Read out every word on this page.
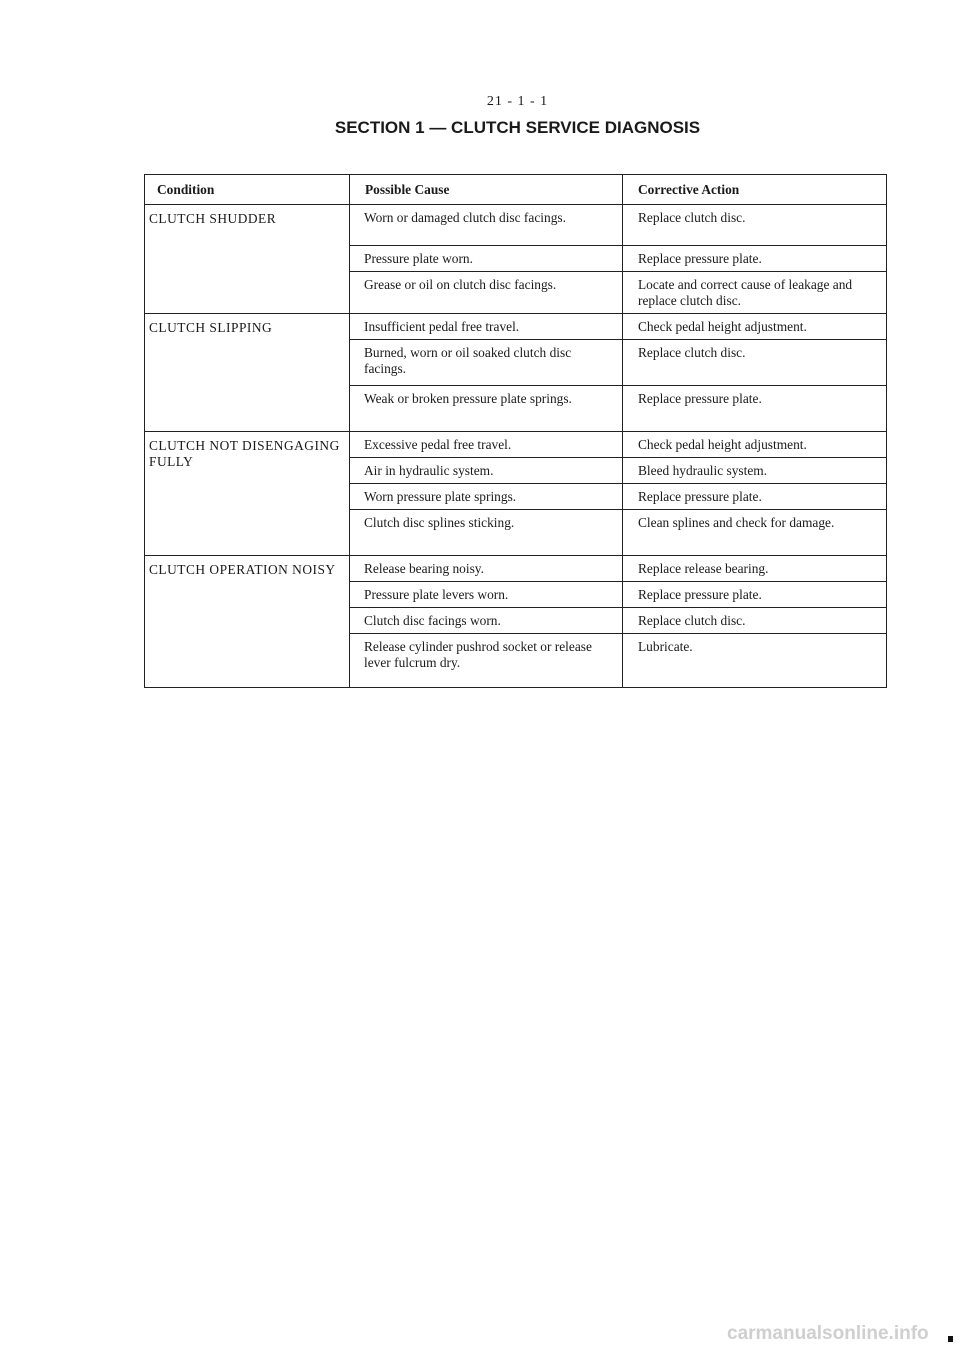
21 - 1 - 1
SECTION 1 — CLUTCH SERVICE DIAGNOSIS
Condition	Possible Cause	Corrective Action
CLUTCH SHUDDER	Worn or damaged clutch disc facings.	Replace clutch disc.
	Pressure plate worn.	Replace pressure plate.
	Grease or oil on clutch disc facings.	Locate and correct cause of leakage and replace clutch disc.
CLUTCH SLIPPING	Insufficient pedal free travel.	Check pedal height adjustment.
	Burned, worn or oil soaked clutch disc facings.	Replace clutch disc.
	Weak or broken pressure plate springs.	Replace pressure plate.
CLUTCH NOT DISENGAGING FULLY	Excessive pedal free travel.	Check pedal height adjustment.
	Air in hydraulic system.	Bleed hydraulic system.
	Worn pressure plate springs.	Replace pressure plate.
	Clutch disc splines sticking.	Clean splines and check for damage.
CLUTCH OPERATION NOISY	Release bearing noisy.	Replace release bearing.
	Pressure plate levers worn.	Replace pressure plate.
	Clutch disc facings worn.	Replace clutch disc.
	Release cylinder pushrod socket or release lever fulcrum dry.	Lubricate.
carmanualsonline.info
